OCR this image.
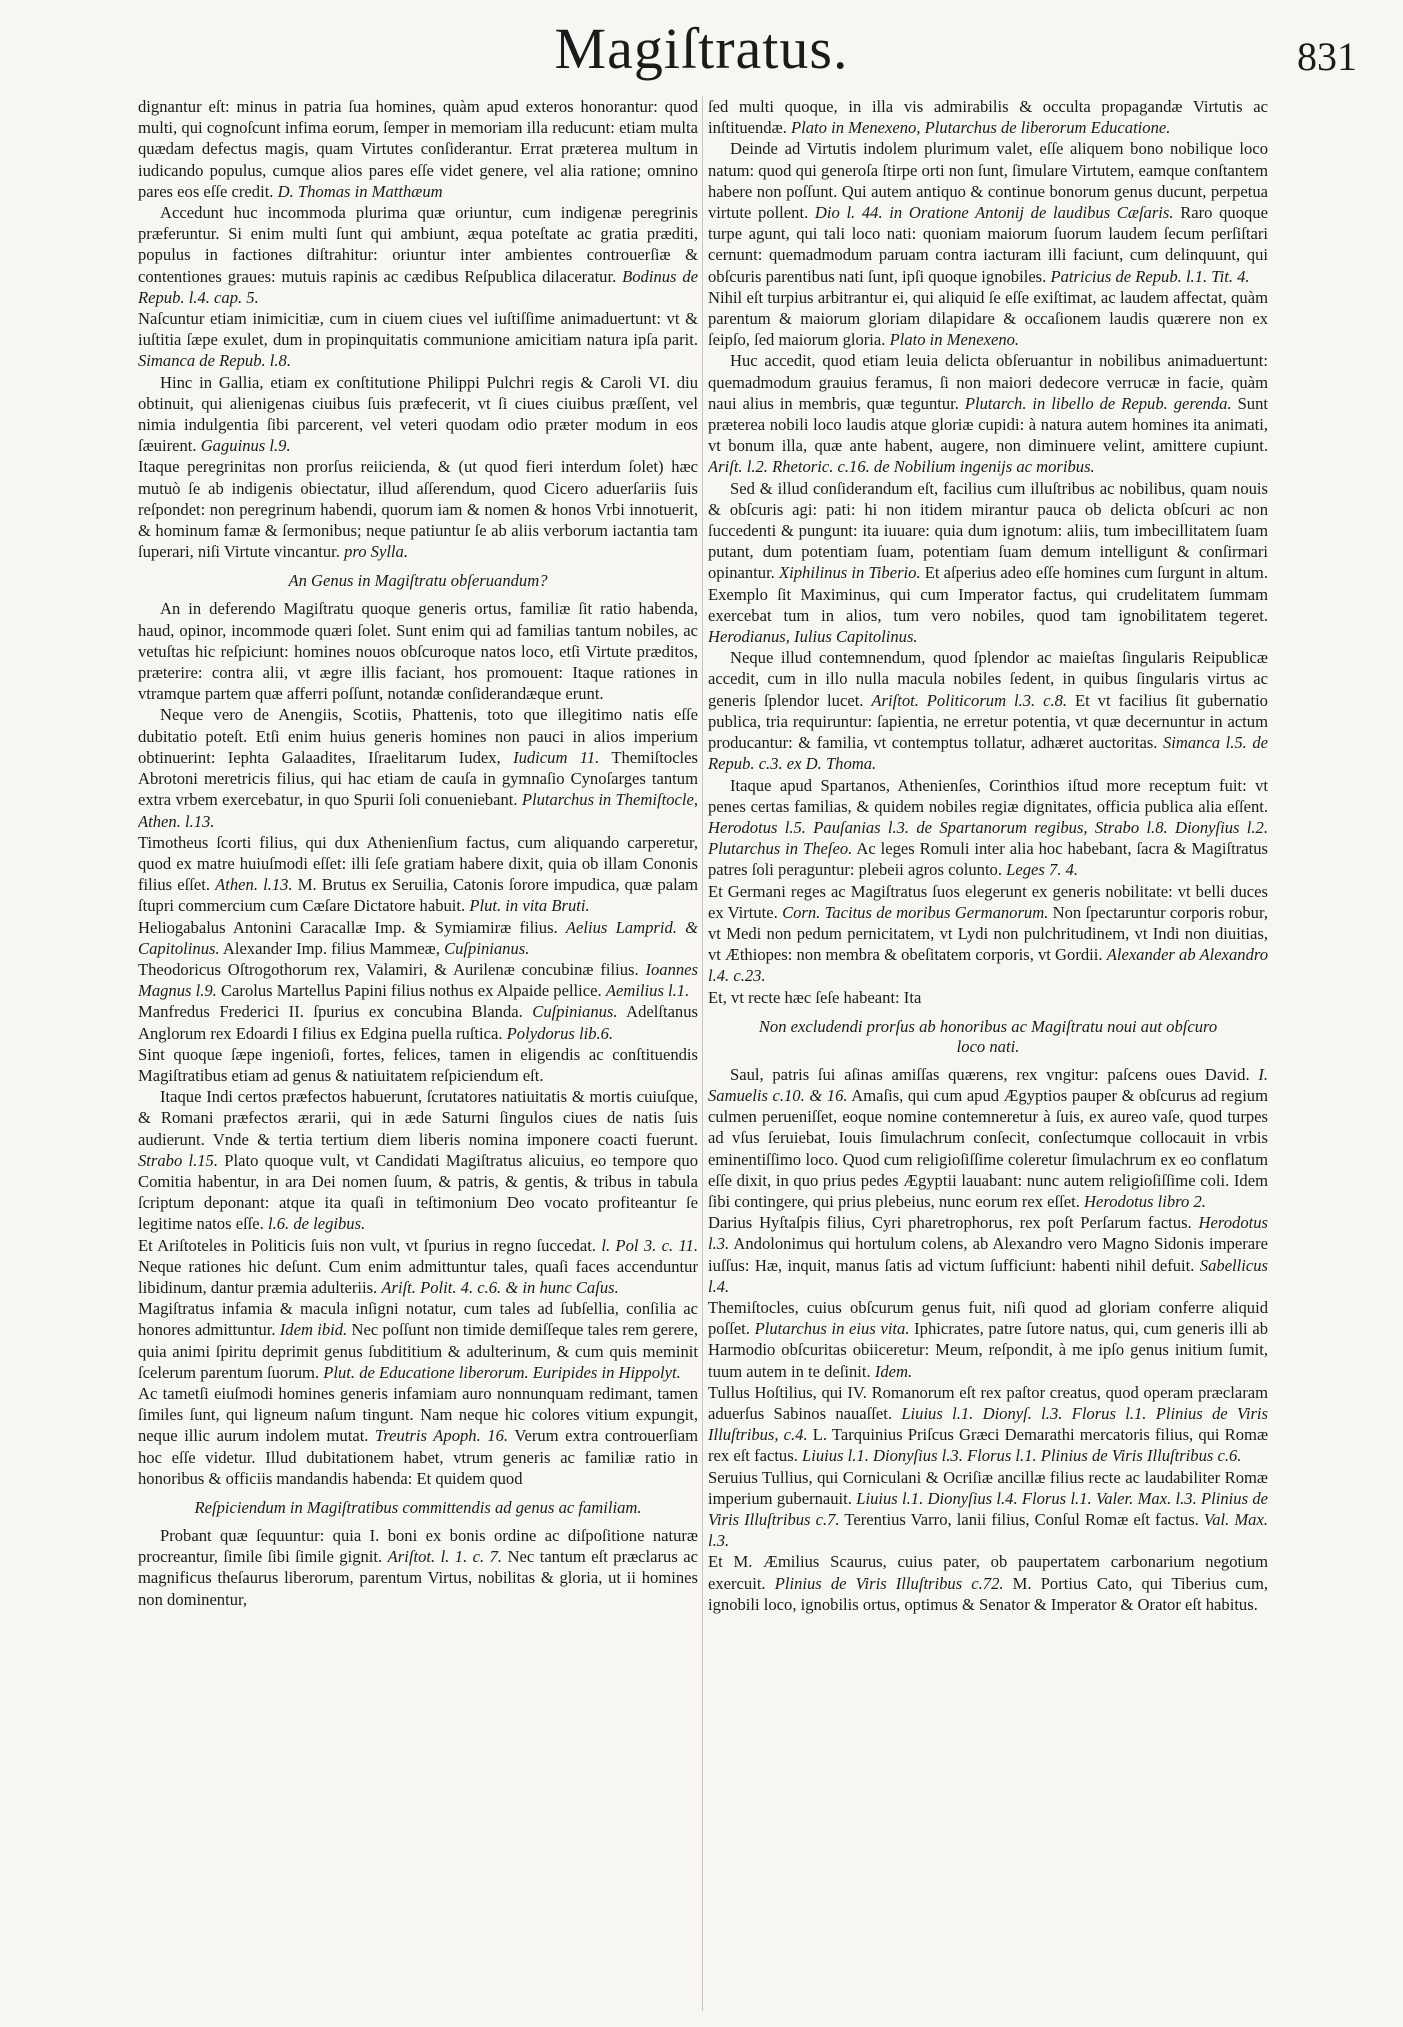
Magiſtratus.	831

dignantur eſt: minus in patria ſua homines, quàm apud exteros honorantur: quod multi, qui cognoſcunt infima eorum, ſemper in memoriam illa reducunt: etiam multa quædam defectus magis, quam Virtutes conſiderantur. Errat præterea multum in iudicando populus, cumque alios pares eſſe videt genere, vel alia ratione; omnino pares eos eſſe credit. D. Thomas in Matthæum

Accedunt huc incommoda plurima quæ oriuntur, cum indigenæ peregrinis præferuntur. Si enim multi ſunt qui ambiunt, æqua poteſtate ac gratia præditi, populus in factiones diſtrahitur: oriuntur inter ambientes controuerſiæ & contentiones graues: mutuis rapinis ac cædibus Reſpublica dilaceratur. Bodinus de Repub. l.4. cap. 5.

Naſcuntur etiam inimicitiæ, cum in ciuem ciues vel iuſtiſſime animaduertunt: vt & iuſtitia ſæpe exulet, dum in propinquitatis communione amicitiam natura ipſa parit. Simanca de Repub. l.8.

Hinc in Gallia, etiam ex conſtitutione Philippi Pulchri regis & Caroli VI. diu obtinuit, qui alienigenas ciuibus ſuis præfecerit, vt ſi ciues ciuibus præſſent, vel nimia indulgentia ſibi parcerent, vel veteri quodam odio præter modum in eos ſæuirent. Gaguinus l.9.

Itaque peregrinitas non prorſus reiicienda, & (ut quod fieri interdum ſolet) hæc mutuò ſe ab indigenis obiectatur, illud aſſerendum, quod Cicero aduerſariis ſuis reſpondet: non peregrinum habendi, quorum iam & nomen & honos Vrbi innotuerit, & hominum famæ & ſermonibus; neque patiuntur ſe ab aliis verborum iactantia tam ſuperari, niſi Virtute vincantur. pro Sylla.

An Genus in Magiſtratu obſeruandum?

An in deferendo Magiſtratu quoque generis ortus, familiæ ſit ratio habenda, haud, opinor, incommode quæri ſolet. Sunt enim qui ad familias tantum nobiles, ac vetuſtas hic reſpiciunt: homines nouos obſcuroque natos loco, etſi Virtute præditos, præterire: contra alii, vt ægre illis faciant, hos promouent: Itaque rationes in vtramque partem quæ afferri poſſunt, notandæ conſiderandæque erunt.

Neque vero de Anengiis, Scotiis, Phattenis, toto que illegitimo natis eſſe dubitatio poteſt. Etſi enim huius generis homines non pauci in alios imperium obtinuerint: Iephta Galaadites, Iſraelitarum Iudex, Iudicum 11. Themiſtocles Abrotoni meretricis filius, qui hac etiam de cauſa in gymnaſio Cynoſarges tantum extra vrbem exercebatur, in quo Spurii ſoli conueniebant. Plutarchus in Themiſtocle, Athen. l.13.

Timotheus ſcorti filius, qui dux Athenienſium factus, cum aliquando carperetur, quod ex matre huiuſmodi eſſet: illi ſeſe gratiam habere dixit, quia ob illam Cononis filius eſſet. Athen. l.13. M. Brutus ex Seruilia, Catonis ſorore impudica, quæ palam ſtupri commercium cum Cæſare Dictatore habuit. Plut. in vita Bruti.

Heliogabalus Antonini Caracallæ Imp. & Symiamiræ filius. Aelius Lamprid. & Capitolinus. Alexander Imp. filius Mammeæ, Cuſpinianus.

Theodoricus Oſtrogothorum rex, Valamiri, & Aurilenæ concubinæ filius. Ioannes Magnus l.9. Carolus Martellus Papini filius nothus ex Alpaide pellice. Aemilius l.1.

Manfredus Frederici II. ſpurius ex concubina Blanda. Cuſpinianus. Adelſtanus Anglorum rex Edoardi I filius ex Edgina puella ruſtica. Polydorus lib.6.

Sint quoque ſæpe ingenioſi, fortes, felices, tamen in eligendis ac conſtituendis Magiſtratibus etiam ad genus & natiuitatem reſpiciendum eſt.

Itaque Indi certos præfectos habuerunt, ſcrutatores natiuitatis & mortis cuiuſque, & Romani præfectos ærarii, qui in æde Saturni ſingulos ciues de natis ſuis audierunt. Vnde & tertia tertium diem liberis nomina imponere coacti fuerunt. Strabo l.15. Plato quoque vult, vt Candidati Magiſtratus alicuius, eo tempore quo Comitia habentur, in ara Dei nomen ſuum, & patris, & gentis, & tribus in tabula ſcriptum deponant: atque ita quaſi in teſtimonium Deo vocato profiteantur ſe legitime natos eſſe. l.6. de legibus.

Et Ariſtoteles in Politicis ſuis non vult, vt ſpurius in regno ſuccedat. l. Pol 3. c. 11. Neque rationes hic deſunt. Cum enim admittuntur tales, quaſi faces accenduntur libidinum, dantur præmia adulteriis. Ariſt. Polit. 4. c.6. & in hunc Caſus.

Magiſtratus infamia & macula inſigni notatur, cum tales ad ſubſellia, conſilia ac honores admittuntur. Idem ibid. Nec poſſunt non timide demiſſeque tales rem gerere, quia animi ſpiritu deprimit genus ſubdititium & adulterinum, & cum quis meminit ſcelerum parentum ſuorum. Plut. de Educatione liberorum. Euripides in Hippolyt.

Ac tametſi eiuſmodi homines generis infamiam auro nonnunquam redimant, tamen ſimiles ſunt, qui ligneum naſum tingunt. Nam neque hic colores vitium expungit, neque illic aurum indolem mutat. Treutris Apoph. 16. Verum extra controuerſiam hoc eſſe videtur. Illud dubitationem habet, vtrum generis ac familiæ ratio in honoribus & officiis mandandis habenda: Et quidem quod

Reſpiciendum in Magiſtratibus committendis ad genus ac familiam.

Probant quæ ſequuntur: quia I. boni ex bonis ordine ac diſpoſitione naturæ procreantur, ſimile ſibi ſimile gignit. Ariſtot. l. 1. c. 7. Nec tantum eſt præclarus ac magnificus theſaurus liberorum, parentum Virtus, nobilitas & gloria, ut ii homines non dominentur,

ſed multi quoque, in illa vis admirabilis & occulta propagandæ Virtutis ac inſtituendæ. Plato in Menexeno, Plutarchus de liberorum Educatione.

Deinde ad Virtutis indolem plurimum valet, eſſe aliquem bono nobilique loco natum: quod qui generoſa ſtirpe orti non ſunt, ſimulare Virtutem, eamque conſtantem habere non poſſunt. Qui autem antiquo & continue bonorum genus ducunt, perpetua virtute pollent. Dio l. 44. in Oratione Antonij de laudibus Cæſaris. Raro quoque turpe agunt, qui tali loco nati: quoniam maiorum ſuorum laudem ſecum perſiſtari cernunt: quemadmodum paruam contra iacturam illi faciunt, cum delinquunt, qui obſcuris parentibus nati ſunt, ipſi quoque ignobiles. Patricius de Repub. l.1. Tit. 4.

Nihil eſt turpius arbitrantur ei, qui aliquid ſe eſſe exiſtimat, ac laudem affectat, quàm parentum & maiorum gloriam dilapidare & occaſionem laudis quærere non ex ſeipſo, ſed maiorum gloria. Plato in Menexeno.

Huc accedit, quod etiam leuia delicta obſeruantur in nobilibus animaduertunt: quemadmodum grauius feramus, ſi non maiori dedecore verrucæ in facie, quàm naui alius in membris, quæ teguntur. Plutarch. in libello de Repub. gerenda. Sunt præterea nobili loco laudis atque gloriæ cupidi: à natura autem homines ita animati, vt bonum illa, quæ ante habent, augere, non diminuere velint, amittere cupiunt. Ariſt. l.2. Rhetoric. c.16. de Nobilium ingenijs ac moribus.

Sed & illud conſiderandum eſt, facilius cum illuſtribus ac nobilibus, quam nouis & obſcuris agi: pati: hi non itidem mirantur pauca ob delicta obſcuri ac non ſuccedenti & pungunt: ita iuuare: quia dum ignotum: aliis, tum imbecillitatem ſuam putant, dum potentiam ſuam, potentiam ſuam demum intelligunt & conſirmari opinantur. Xiphilinus in Tiberio. Et aſperius adeo eſſe homines cum ſurgunt in altum. Exemplo ſit Maximinus, qui cum Imperator factus, qui crudelitatem ſummam exercebat tum in alios, tum vero nobiles, quod tam ignobilitatem tegeret. Herodianus, Iulius Capitolinus.

Neque illud contemnendum, quod ſplendor ac maieſtas ſingularis Reipublicæ accedit, cum in illo nulla macula nobiles ſedent, in quibus ſingularis virtus ac generis ſplendor lucet. Ariſtot. Politicorum l.3. c.8. Et vt facilius ſit gubernatio publica, tria requiruntur: ſapientia, ne erretur potentia, vt quæ decernuntur in actum producantur: & familia, vt contemptus tollatur, adhæret auctoritas. Simanca l.5. de Repub. c.3. ex D. Thoma.

Itaque apud Spartanos, Athenienſes, Corinthios iſtud more receptum fuit: vt penes certas familias, & quidem nobiles regiæ dignitates, officia publica alia eſſent. Herodotus l.5. Pauſanias l.3. de Spartanorum regibus, Strabo l.8. Dionyſius l.2. Plutarchus in Theſeo. Ac leges Romuli inter alia hoc habebant, ſacra & Magiſtratus patres ſoli peraguntur: plebeii agros colunto. Leges 7. 4.

Et Germani reges ac Magiſtratus ſuos elegerunt ex generis nobilitate: vt belli duces ex Virtute. Corn. Tacitus de moribus Germanorum. Non ſpectaruntur corporis robur, vt Medi non pedum pernicitatem, vt Lydi non pulchritudinem, vt Indi non diuitias, vt Æthiopes: non membra & obeſitatem corporis, vt Gordii. Alexander ab Alexandro l.4. c.23.

Et, vt recte hæc ſeſe habeant: Ita

Non excludendi prorſus ab honoribus ac Magiſtratu noui aut obſcuro loco nati.

Saul, patris ſui aſinas amiſſas quærens, rex vngitur: paſcens oues David. I. Samuelis c.10. & 16. Amaſis, qui cum apud Ægyptios pauper & obſcurus ad regium culmen perueniſſet, eoque nomine contemneretur à ſuis, ex aureo vaſe, quod turpes ad vſus ſeruiebat, Iouis ſimulachrum conſecit, conſectumque collocauit in vrbis eminentiſſimo loco. Quod cum religioſiſſime coleretur ſimulachrum ex eo conflatum eſſe dixit, in quo prius pedes Ægyptii lauabant: nunc autem religioſiſſime coli. Idem ſibi contingere, qui prius plebeius, nunc eorum rex eſſet. Herodotus libro 2.

Darius Hyſtaſpis filius, Cyri pharetrophorus, rex poſt Perſarum factus. Herodotus l.3. Andolonimus qui hortulum colens, ab Alexandro vero Magno Sidonis imperare iuſſus: Hæ, inquit, manus ſatis ad victum ſufficiunt: habenti nihil defuit. Sabellicus l.4.

Themiſtocles, cuius obſcurum genus fuit, niſi quod ad gloriam conferre aliquid poſſet. Plutarchus in eius vita. Iphicrates, patre ſutore natus, qui, cum generis illi ab Harmodio obſcuritas obiiceretur: Meum, reſpondit, à me ipſo genus initium ſumit, tuum autem in te deſinit. Idem.

Tullus Hoſtilius, qui IV. Romanorum eſt rex paſtor creatus, quod operam præclaram aduerſus Sabinos nauaſſet. Liuius l.1. Dionyſ. l.3. Florus l.1. Plinius de Viris Illuſtribus, c.4. L. Tarquinius Priſcus Græci Demarathi mercatoris filius, qui Romæ rex eſt factus. Liuius l.1. Dionyſius l.3. Florus l.1. Plinius de Viris Illuſtribus c.6.

Seruius Tullius, qui Corniculani & Ocriſiæ ancillæ filius recte ac laudabiliter Romæ imperium gubernauit. Liuius l.1. Dionyſius l.4. Florus l.1. Valer. Max. l.3. Plinius de Viris Illuſtribus c.7. Terentius Varro, lanii filius, Conſul Romæ eſt factus. Val. Max. l.3.

Et M. Æmilius Scaurus, cuius pater, ob paupertatem carbonarium negotium exercuit. Plinius de Viris Illuſtribus c.72. M. Portius Cato, qui Tiberius cum, ignobili loco, ignobilis ortus, optimus & Senator & Imperator & Orator eſt habitus.
